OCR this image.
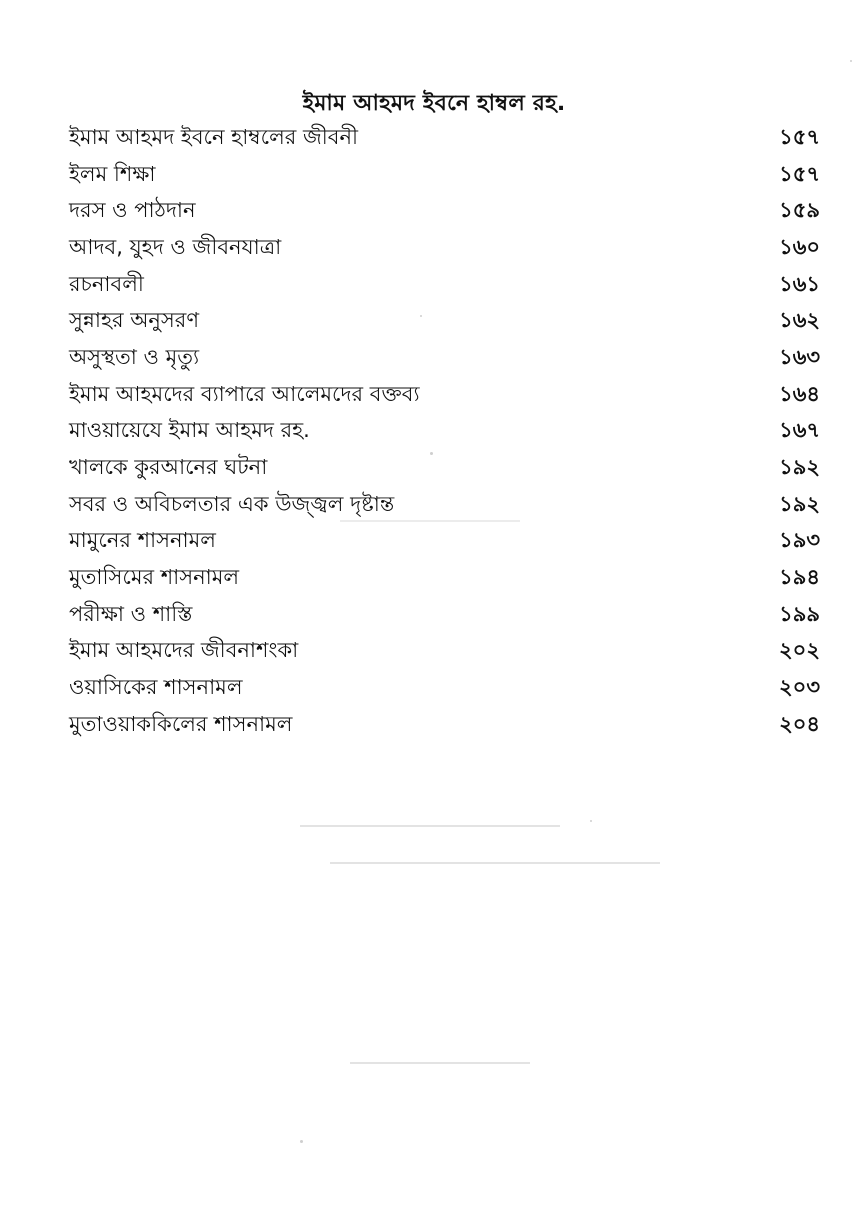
ইমাম আহমদ ইবনে হাম্বল রহ.
ইমাম আহমদ ইবনে হাম্বলের জীবনী	১৫৭
ইলম শিক্ষা	১৫৭
দরস ও পাঠদান	১৫৯
আদব, যুহদ ও জীবনযাত্রা	১৬০
রচনাবলী	১৬১
সুন্নাহর অনুসরণ	১৬২
অসুস্থতা ও মৃত্যু	১৬৩
ইমাম আহমদের ব্যাপারে আলেমদের বক্তব্য	১৬৪
মাওয়ায়েযে ইমাম আহমদ রহ.	১৬৭
খালকে কুরআনের ঘটনা	১৯২
সবর ও অবিচলতার এক উজ্জ্বল দৃষ্টান্ত	১৯২
মামুনের শাসনামল	১৯৩
মুতাসিমের শাসনামল	১৯৪
পরীক্ষা ও শাস্তি	১৯৯
ইমাম আহমদের জীবনাশংকা	২০২
ওয়াসিকের শাসনামল	২০৩
মুতাওয়াককিলের শাসনামল	২০৪
